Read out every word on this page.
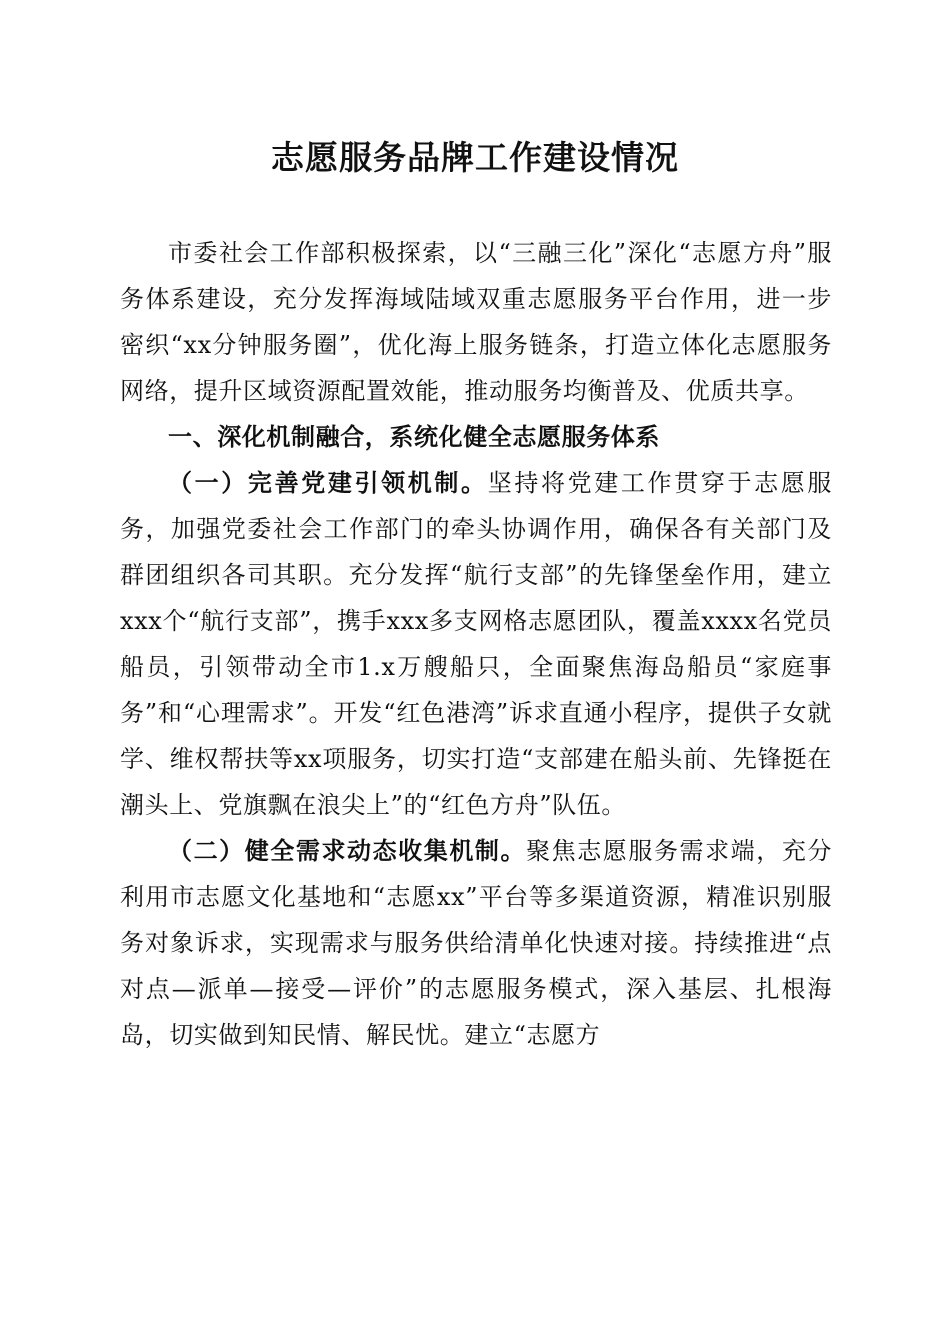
志愿服务品牌工作建设情况

市委社会工作部积极探索，以“三融三化”深化“志愿方舟”服务体系建设，充分发挥海域陆域双重志愿服务平台作用，进一步密织“xx分钟服务圈”，优化海上服务链条，打造立体化志愿服务网络，提升区域资源配置效能，推动服务均衡普及、优质共享。

一、深化机制融合，系统化健全志愿服务体系

（一）完善党建引领机制。坚持将党建工作贯穿于志愿服务，加强党委社会工作部门的牵头协调作用，确保各有关部门及群团组织各司其职。充分发挥“航行支部”的先锋堡垒作用，建立xxx个“航行支部”，携手xxx多支网格志愿团队，覆盖xxxx名党员船员，引领带动全市1.x万艘船只，全面聚焦海岛船员“家庭事务”和“心理需求”。开发“红色港湾”诉求直通小程序，提供子女就学、维权帮扶等xx项服务，切实打造“支部建在船头前、先锋挺在潮头上、党旗飘在浪尖上”的“红色方舟”队伍。

（二）健全需求动态收集机制。聚焦志愿服务需求端，充分利用市志愿文化基地和“志愿xx”平台等多渠道资源，精准识别服务对象诉求，实现需求与服务供给清单化快速对接。持续推进“点对点—派单—接受—评价”的志愿服务模式，深入基层、扎根海岛，切实做到知民情、解民忧。建立“志愿方
